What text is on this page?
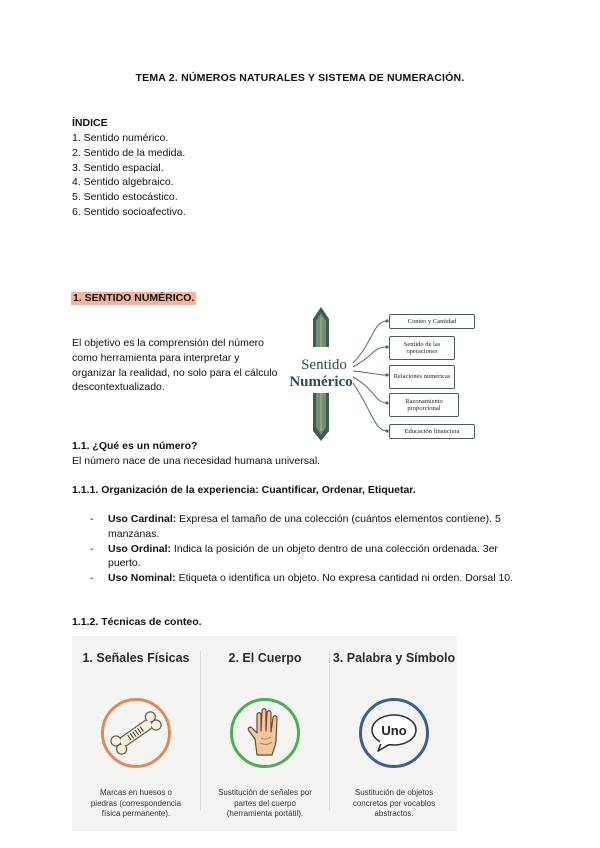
TEMA 2. NÚMEROS NATURALES Y SISTEMA DE NUMERACIÓN.
ÍNDICE
1. Sentido numérico.
2. Sentido de la medida.
3. Sentido espacial.
4. Sentido algebraico.
5. Sentido estocástico.
6. Sentido socioafectivo.
1. SENTIDO NUMÉRICO.
El objetivo es la comprensión del número como herramienta para interpretar y organizar la realidad, no solo para el cálculo descontextualizado.
Sentido
Numérico
Conteo y Cantidad
Sentido de las operaciones
Relaciones numéricas
Razonamiento proporcional
Educación financiera
1.1. ¿Qué es un número?
El número nace de una necesidad humana universal.
1.1.1. Organización de la experiencia: Cuantificar, Ordenar, Etiquetar.
- Uso Cardinal: Expresa el tamaño de una colección (cuántos elementos contiene). 5 manzanas.
- Uso Ordinal: Indica la posición de un objeto dentro de una colección ordenada. 3er puerto.
- Uso Nominal: Etiqueta o identifica un objeto. No expresa cantidad ni orden. Dorsal 10.
1.1.2. Técnicas de conteo.
1. Señales Físicas
Marcas en huesos o piedras (correspondencia física permanente).
2. El Cuerpo
Sustitución de señales por partes del cuerpo (herramienta portátil).
3. Palabra y Símbolo
Uno
Sustitución de objetos concretos por vocablos abstractos.
